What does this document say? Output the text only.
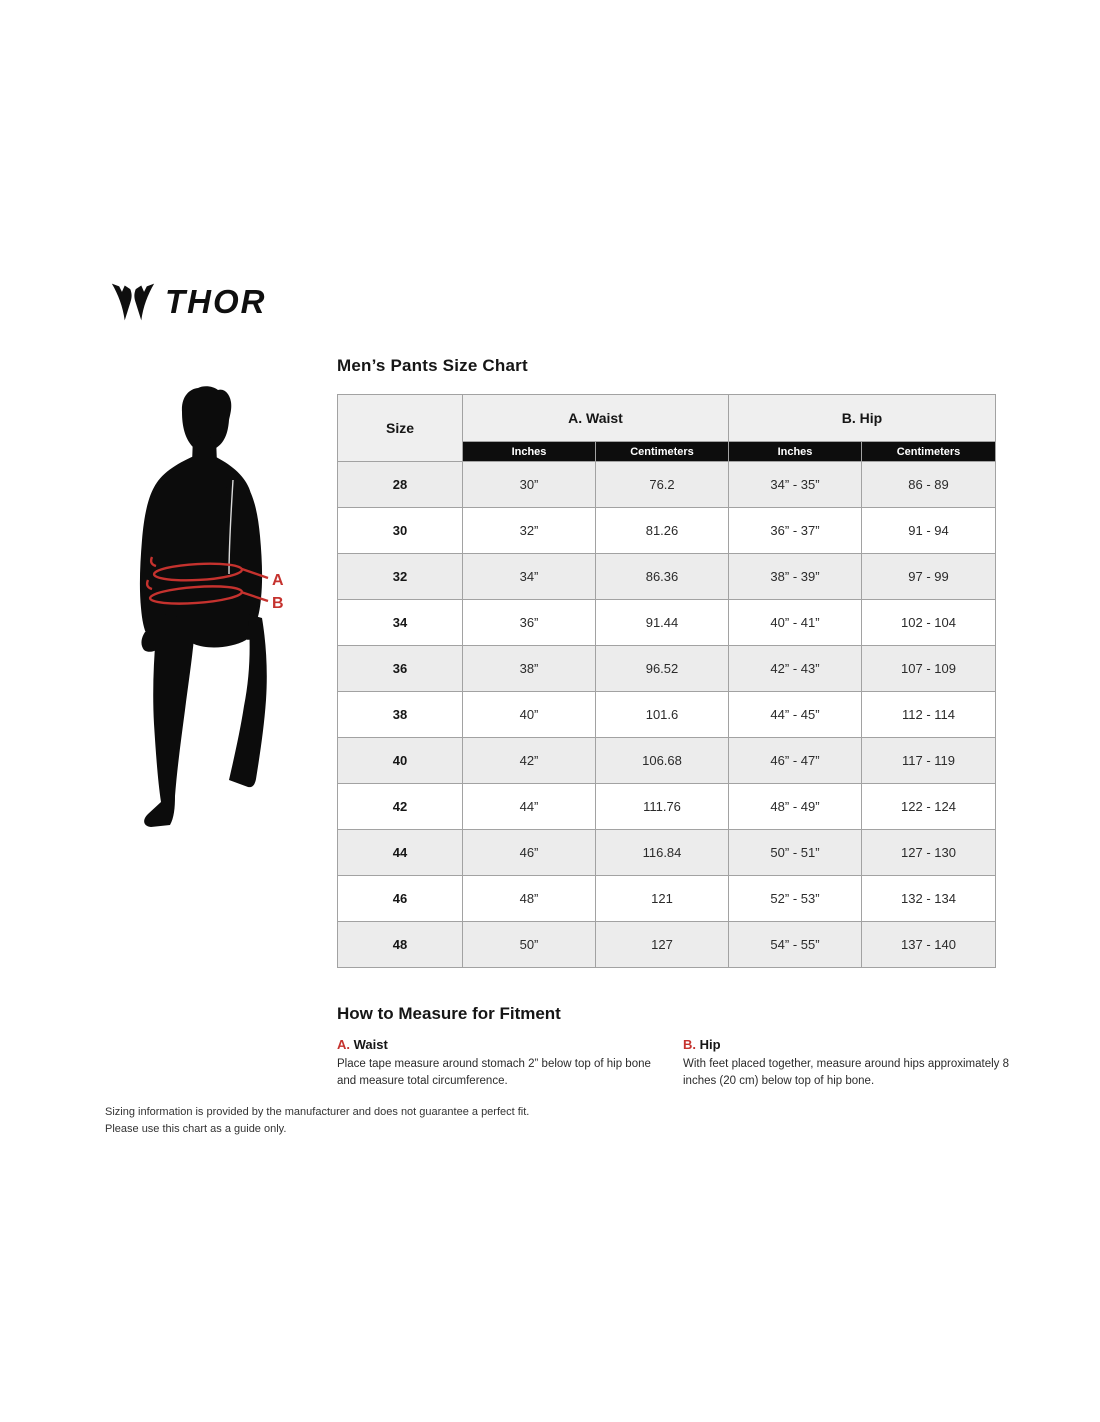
THOR
Men’s Pants Size Chart
A
B
Size	A. Waist		B. Hip	
	Inches	Centimeters	Inches	Centimeters
28	30”	76.2	34” - 35”	86 - 89
30	32”	81.26	36” - 37”	91 - 94
32	34”	86.36	38” - 39”	97 - 99
34	36”	91.44	40” - 41”	102 - 104
36	38”	96.52	42” - 43”	107 - 109
38	40”	101.6	44” - 45”	112 - 114
40	42”	106.68	46” - 47”	117 - 119
42	44”	111.76	48” - 49”	122 - 124
44	46”	116.84	50” - 51”	127 - 130
46	48”	121	52” - 53”	132 - 134
48	50”	127	54” - 55”	137 - 140
How to Measure for Fitment

A. Waist

Place tape measure around stomach 2” below top of hip bone and measure total circumference.

B. Hip

With feet placed together, measure around hips approximately 8 inches (20 cm) below top of hip bone.

Sizing information is provided by the manufacturer and does not guarantee a perfect fit.
Please use this chart as a guide only.
